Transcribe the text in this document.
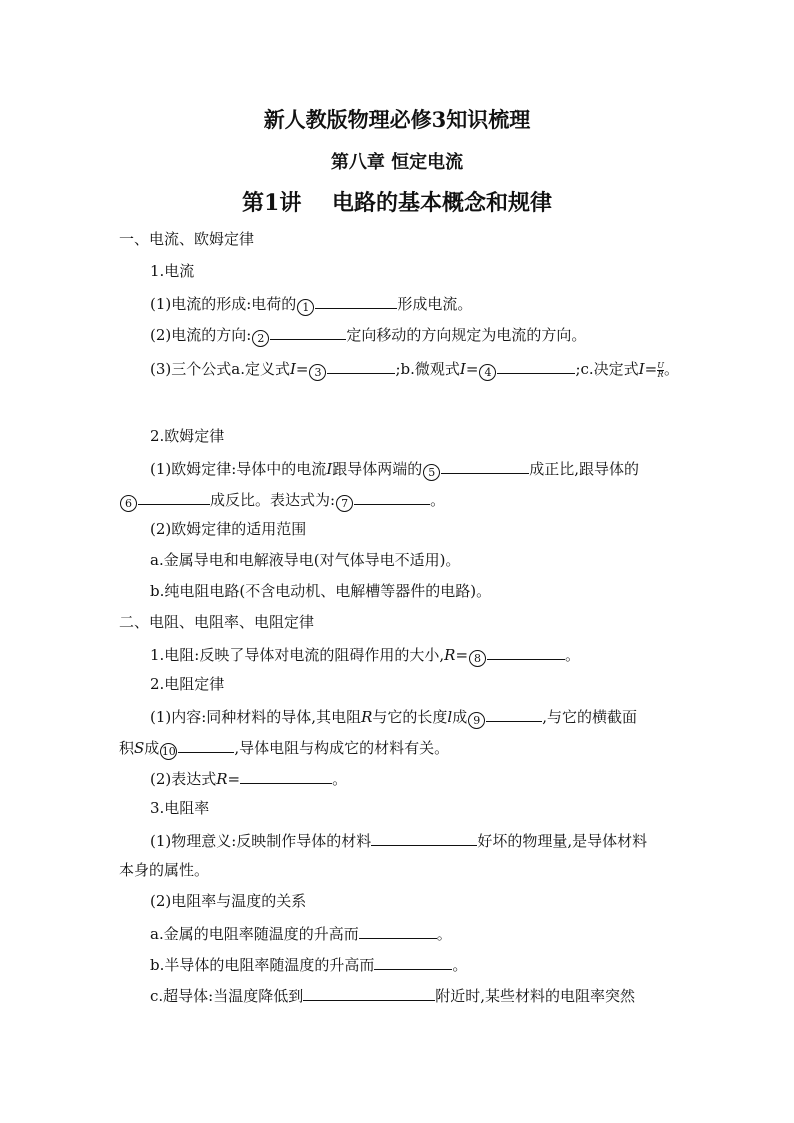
新人教版物理必修3知识梳理
第八章 恒定电流
第1讲    电路的基本概念和规律
一、电流、欧姆定律
1.电流
(1)电流的形成:电荷的 1	形成电流。
(2)电流的方向: 2	定向移动的方向规定为电流的方向。
(3)三个公式a.定义式I= 3	;b.微观式I= 4	;c.决定式$I= \frac{U}{R}$ 。
2.欧姆定律
(1)欧姆定律:导体中的电流I跟导体两端的 5	成正比,跟导体的
6	成反比。表达式为: 7	。
(2)欧姆定律的适用范围
a.金属导电和电解液导电(对气体导电不适用)。
b.纯电阻电路(不含电动机、电解槽等器件的电路)。
二、电阻、电阻率、电阻定律
1.电阻:反映了导体对电流的阻碍作用的大小,R= 8	。
2.电阻定律
(1)内容:同种材料的导体,其电阻R与它的长度l成 9	,与它的横截面
积S成 10	,导体电阻与构成它的材料有关。
(2)表达式R=	。
3.电阻率
(1)物理意义:反映制作导体的材料	好坏的物理量,是导体材料
本身的属性。
(2)电阻率与温度的关系
a.金属的电阻率随温度的升高而	。
b.半导体的电阻率随温度的升高而	。
c.超导体:当温度降低到	附近时,某些材料的电阻率突然
